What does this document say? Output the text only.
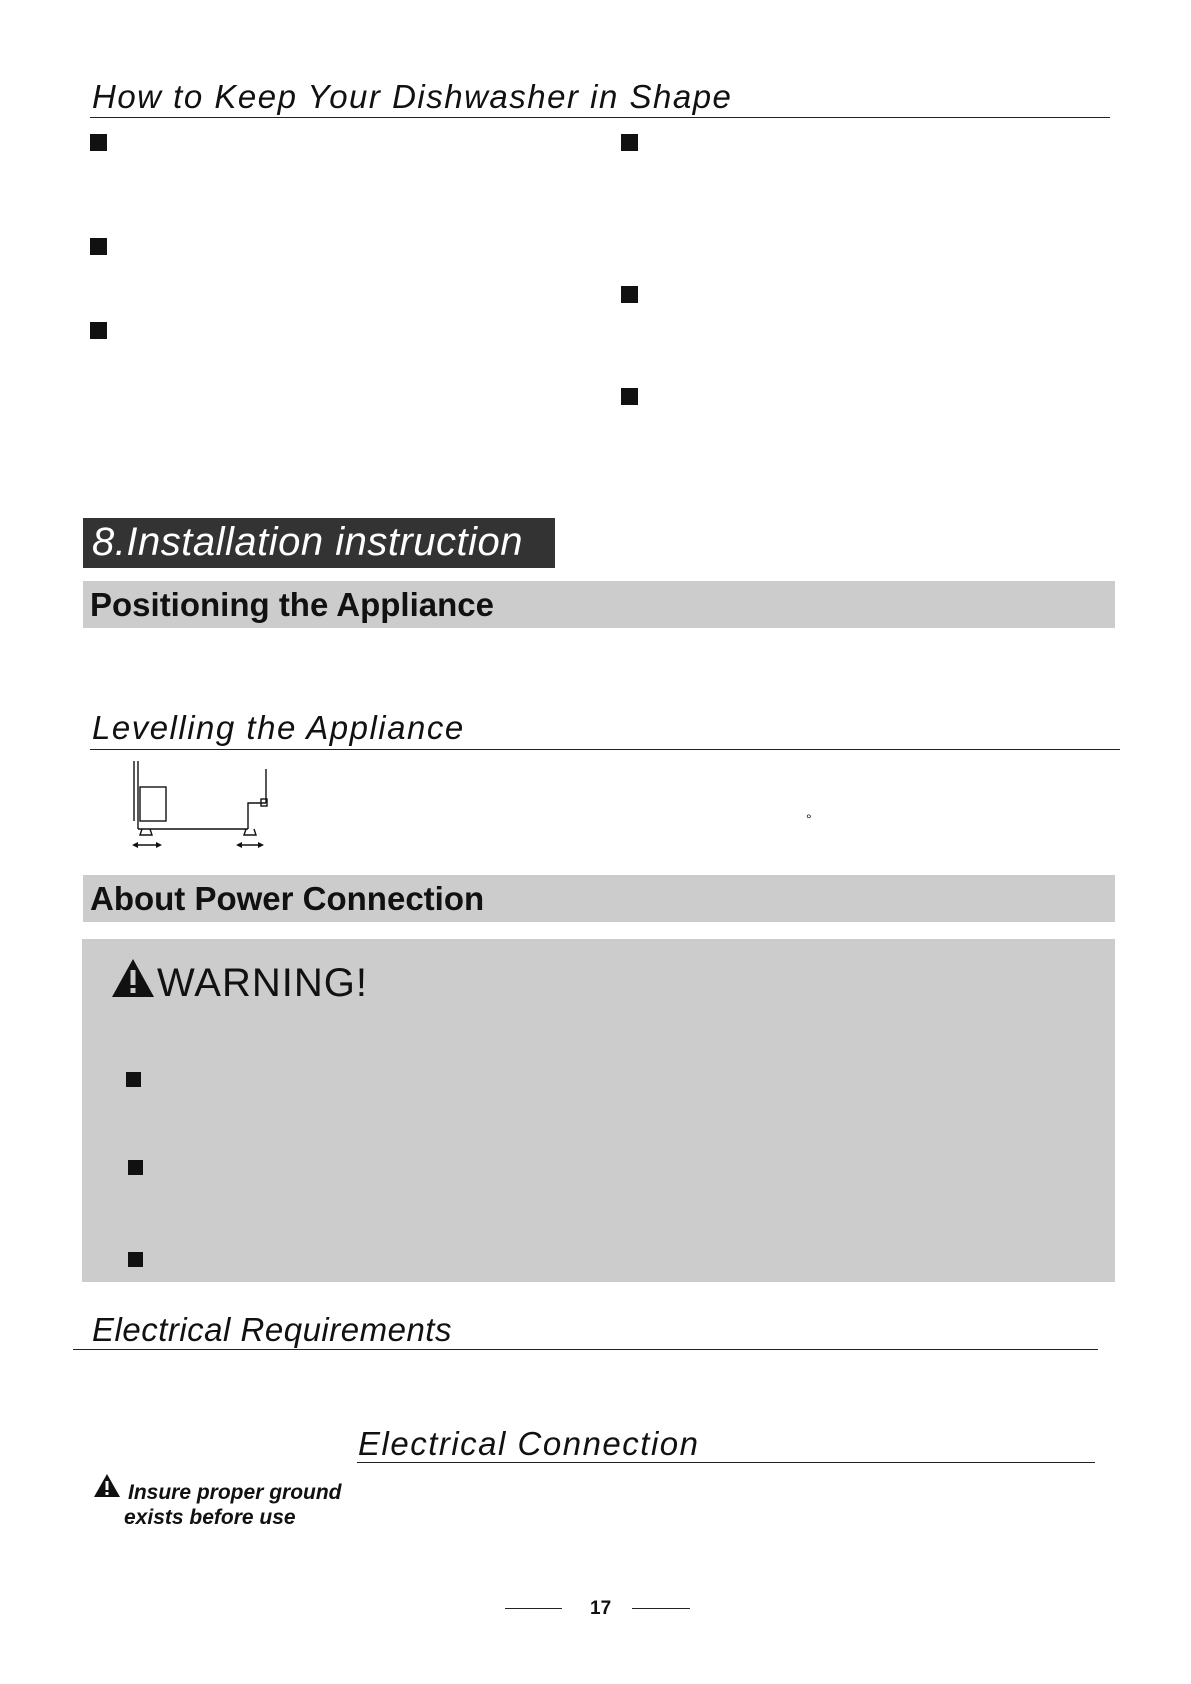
How to Keep Your Dishwasher in Shape
8.Installation instruction
Positioning the Appliance
Levelling the Appliance
°
About Power Connection
WARNING!
Electrical Requirements
Electrical Connection
Insure proper ground
exists before use
17
